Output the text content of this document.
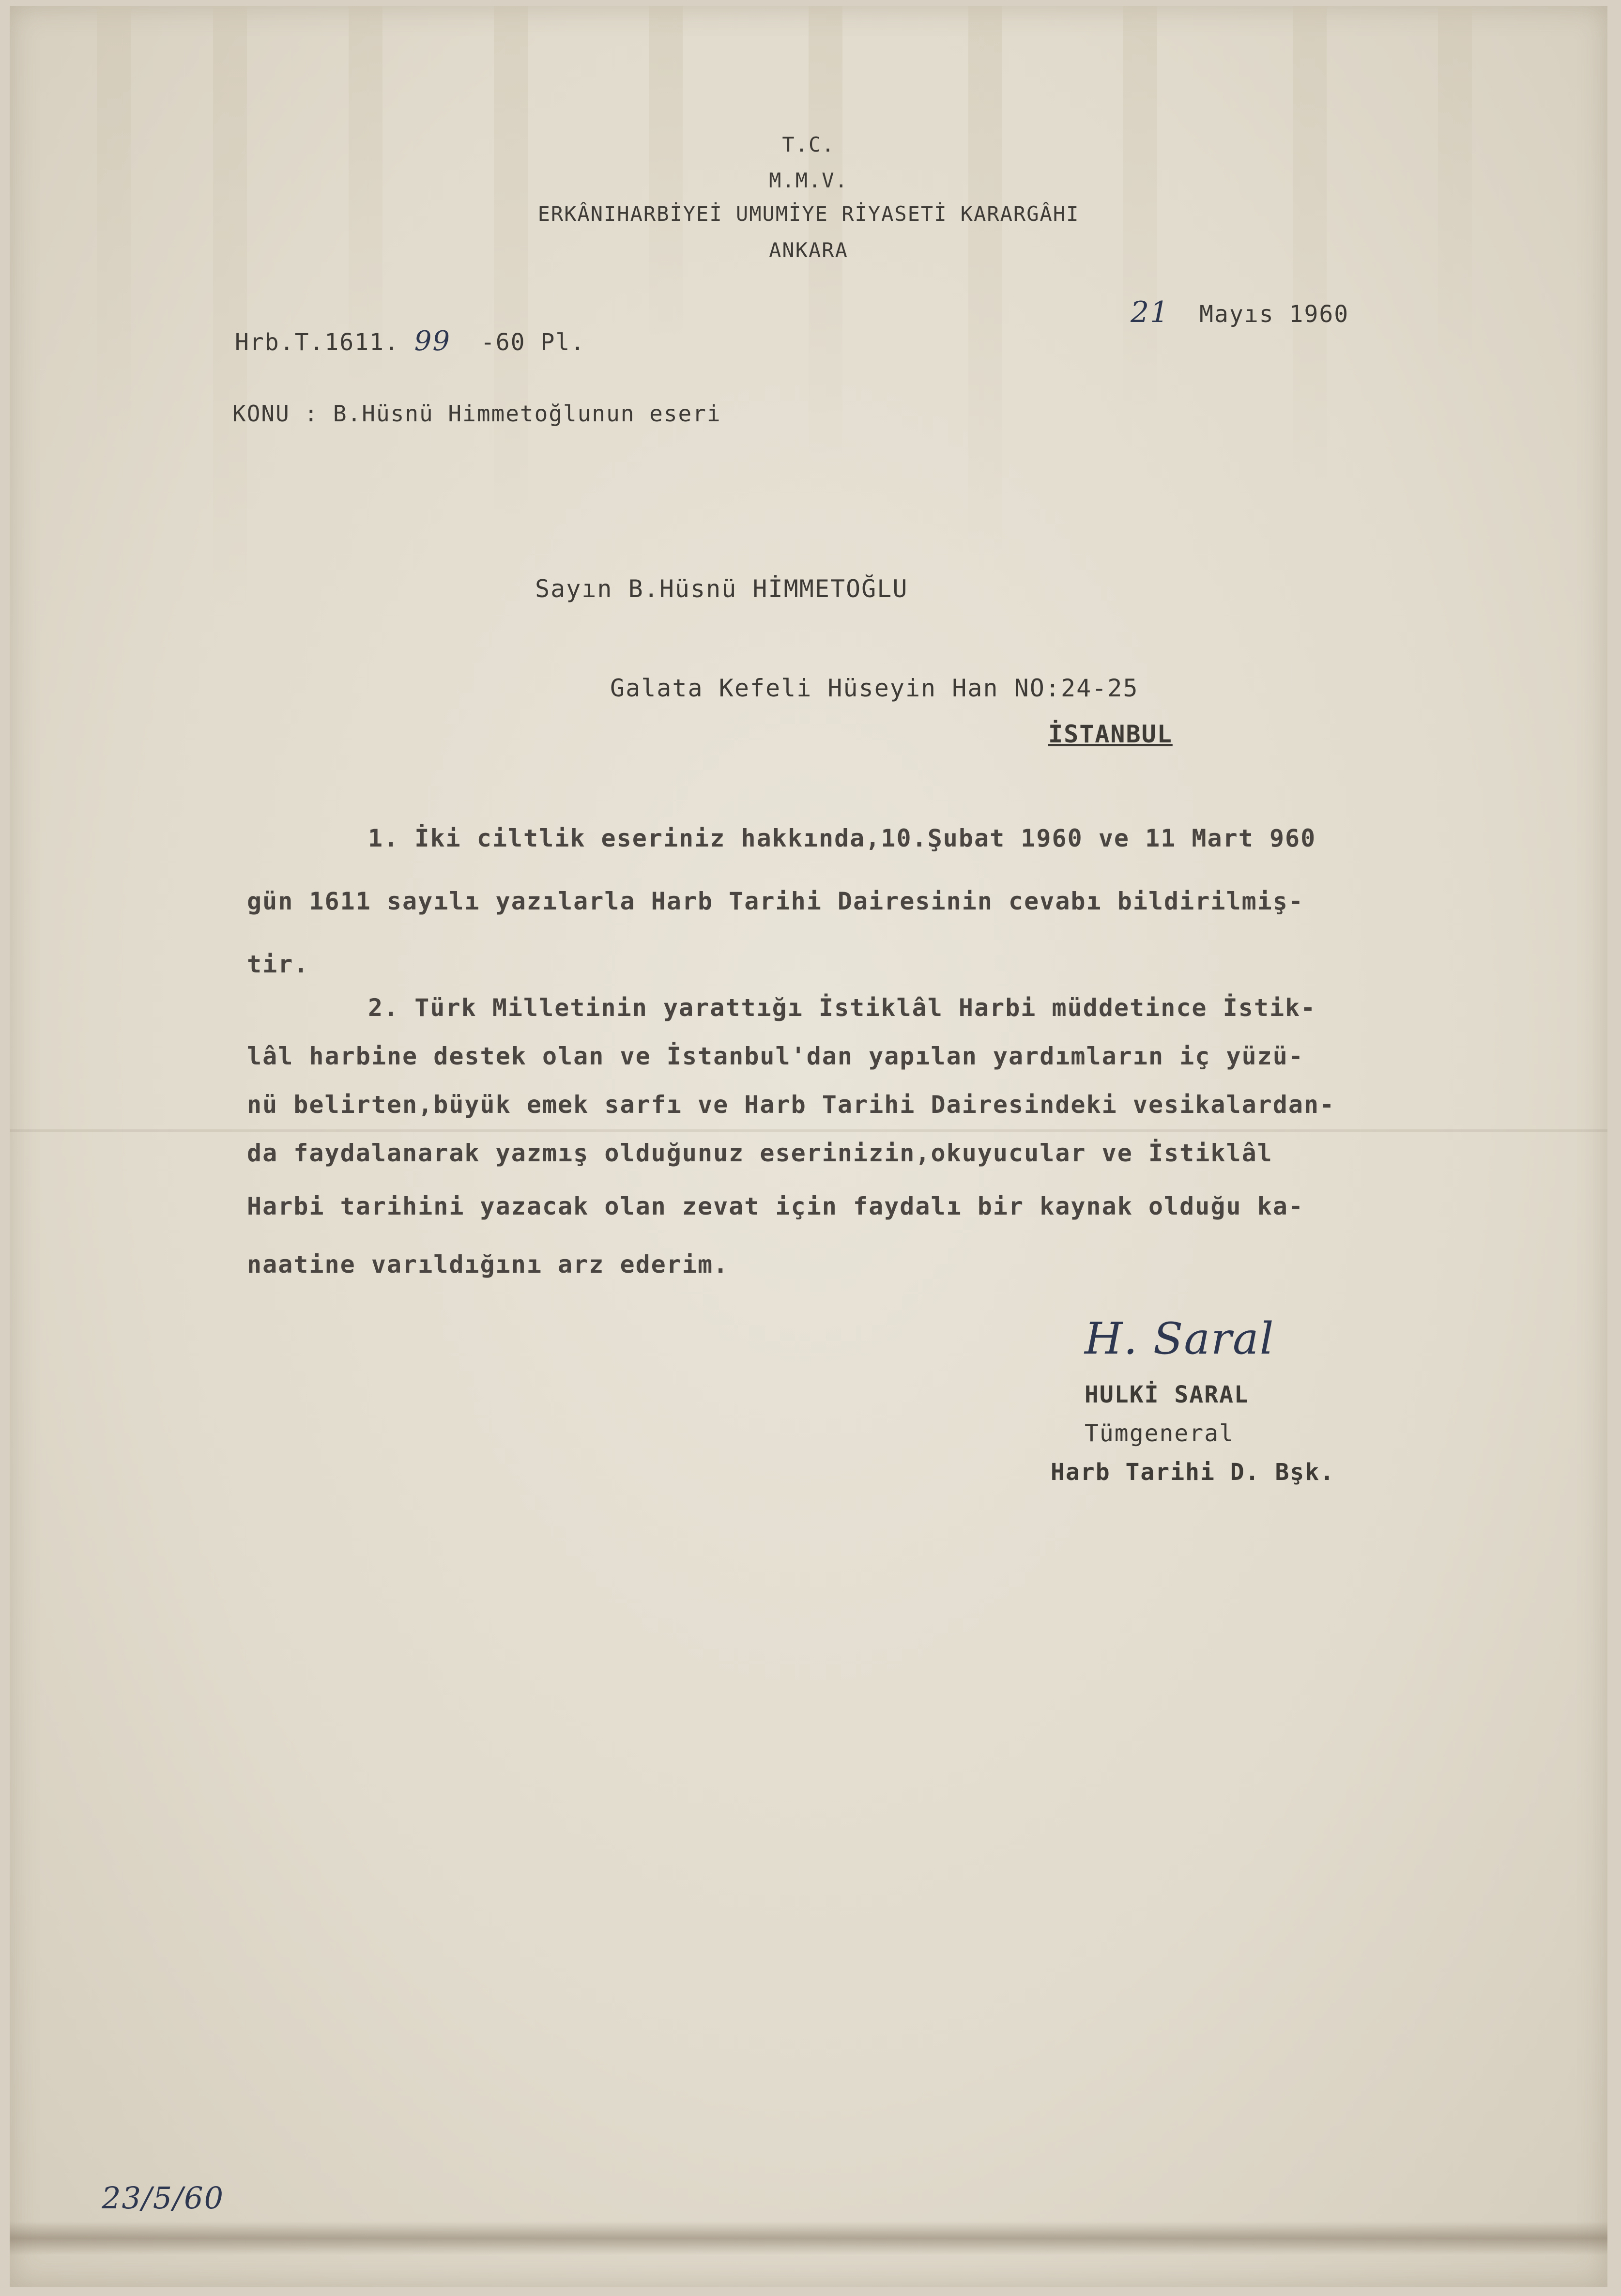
T.C.
M.M.V.
ERKÂNIHARBİYEİ UMUMİYE RİYASETİ KARARGÂHI
ANKARA
Hrb.T.1611. 99 -60 Pl.
21 Mayıs 1960
KONU : B.Hüsnü Himmetoğlunun eseri
Sayın B.Hüsnü HİMMETOĞLU
Galata Kefeli Hüseyin Han NO:24-25
İSTANBUL
1. İki ciltlik eseriniz hakkında,10.Şubat 1960 ve 11 Mart 960
gün 1611 sayılı yazılarla Harb Tarihi Dairesinin cevabı bildirilmiş-
tir.
2. Türk Milletinin yarattığı İstiklâl Harbi müddetince İstik-
lâl harbine destek olan ve İstanbul'dan yapılan yardımların iç yüzü-
nü belirten,büyük emek sarfı ve Harb Tarihi Dairesindeki vesikalardan-
da faydalanarak yazmış olduğunuz eserinizin,okuyucular ve İstiklâl
Harbi tarihini yazacak olan zevat için faydalı bir kaynak olduğu ka-
naatine varıldığını arz ederim.
H. Saral
HULKİ SARAL
Tümgeneral
Harb Tarihi D. Bşk.
23/5/60
